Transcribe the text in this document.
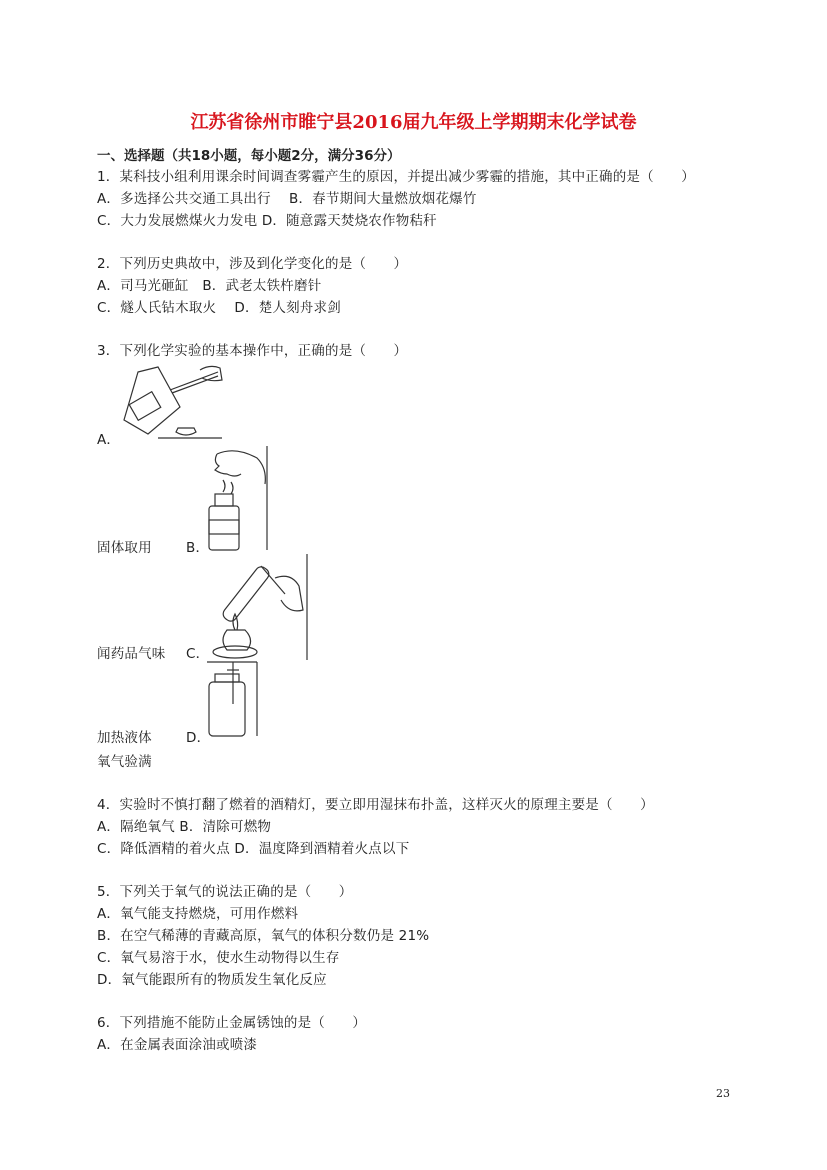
江苏省徐州市睢宁县2016届九年级上学期期末化学试卷
一、选择题（共18小题，每小题2分，满分36分）
1．某科技小组利用课余时间调查雾霾产生的原因，并提出减少雾霾的措施，其中正确的是（　　）
A．多选择公共交通工具出行　 B．春节期间大量燃放烟花爆竹
C．大力发展燃煤火力发电 D．随意露天焚烧农作物秸秆
2．下列历史典故中，涉及到化学变化的是（　　）
A．司马光砸缸　B．武老太铁杵磨针
C．燧人氏钻木取火　 D．楚人刻舟求剑
3．下列化学实验的基本操作中，正确的是（　　）
A．
固体取用	B．
闻药品气味 C．
加热液体	D．
氧气验满
4．实验时不慎打翻了燃着的酒精灯，要立即用湿抹布扑盖，这样灭火的原理主要是（　　）
A．隔绝氧气 B．清除可燃物
C．降低酒精的着火点 D．温度降到酒精着火点以下
5．下列关于氧气的说法正确的是（　　）
A．氧气能支持燃烧，可用作燃料
B．在空气稀薄的青藏高原，氧气的体积分数仍是 21%
C．氧气易溶于水，使水生动物得以生存
D．氧气能跟所有的物质发生氧化反应
6．下列措施不能防止金属锈蚀的是（　　）
A．在金属表面涂油或喷漆
23
